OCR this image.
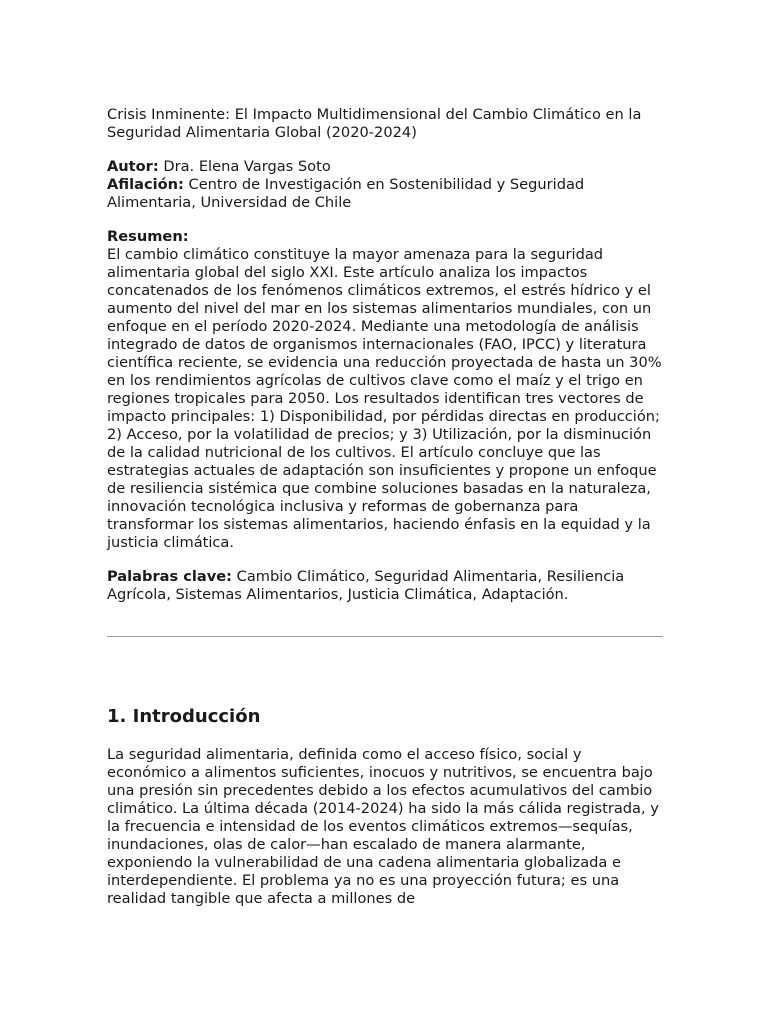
Crisis Inminente: El Impacto Multidimensional del Cambio Climático en la Seguridad Alimentaria Global (2020-2024)

Autor: Dra. Elena Vargas Soto

Afilación: Centro de Investigación en Sostenibilidad y Seguridad Alimentaria, Universidad de Chile

Resumen:
El cambio climático constituye la mayor amenaza para la seguridad alimentaria global del siglo XXI. Este artículo analiza los impactos concatenados de los fenómenos climáticos extremos, el estrés hídrico y el aumento del nivel del mar en los sistemas alimentarios mundiales, con un enfoque en el período 2020-2024. Mediante una metodología de análisis integrado de datos de organismos internacionales (FAO, IPCC) y literatura científica reciente, se evidencia una reducción proyectada de hasta un 30% en los rendimientos agrícolas de cultivos clave como el maíz y el trigo en regiones tropicales para 2050. Los resultados identifican tres vectores de impacto principales: 1) Disponibilidad, por pérdidas directas en producción; 2) Acceso, por la volatilidad de precios; y 3) Utilización, por la disminución de la calidad nutricional de los cultivos. El artículo concluye que las estrategias actuales de adaptación son insuficientes y propone un enfoque de resiliencia sistémica que combine soluciones basadas en la naturaleza, innovación tecnológica inclusiva y reformas de gobernanza para transformar los sistemas alimentarios, haciendo énfasis en la equidad y la justicia climática.

Palabras clave: Cambio Climático, Seguridad Alimentaria, Resiliencia Agrícola, Sistemas Alimentarios, Justicia Climática, Adaptación.

1. Introducción

La seguridad alimentaria, definida como el acceso físico, social y económico a alimentos suficientes, inocuos y nutritivos, se encuentra bajo una presión sin precedentes debido a los efectos acumulativos del cambio climático. La última década (2014-2024) ha sido la más cálida registrada, y la frecuencia e intensidad de los eventos climáticos extremos—sequías, inundaciones, olas de calor—han escalado de manera alarmante, exponiendo la vulnerabilidad de una cadena alimentaria globalizada e interdependiente. El problema ya no es una proyección futura; es una realidad tangible que afecta a millones de
